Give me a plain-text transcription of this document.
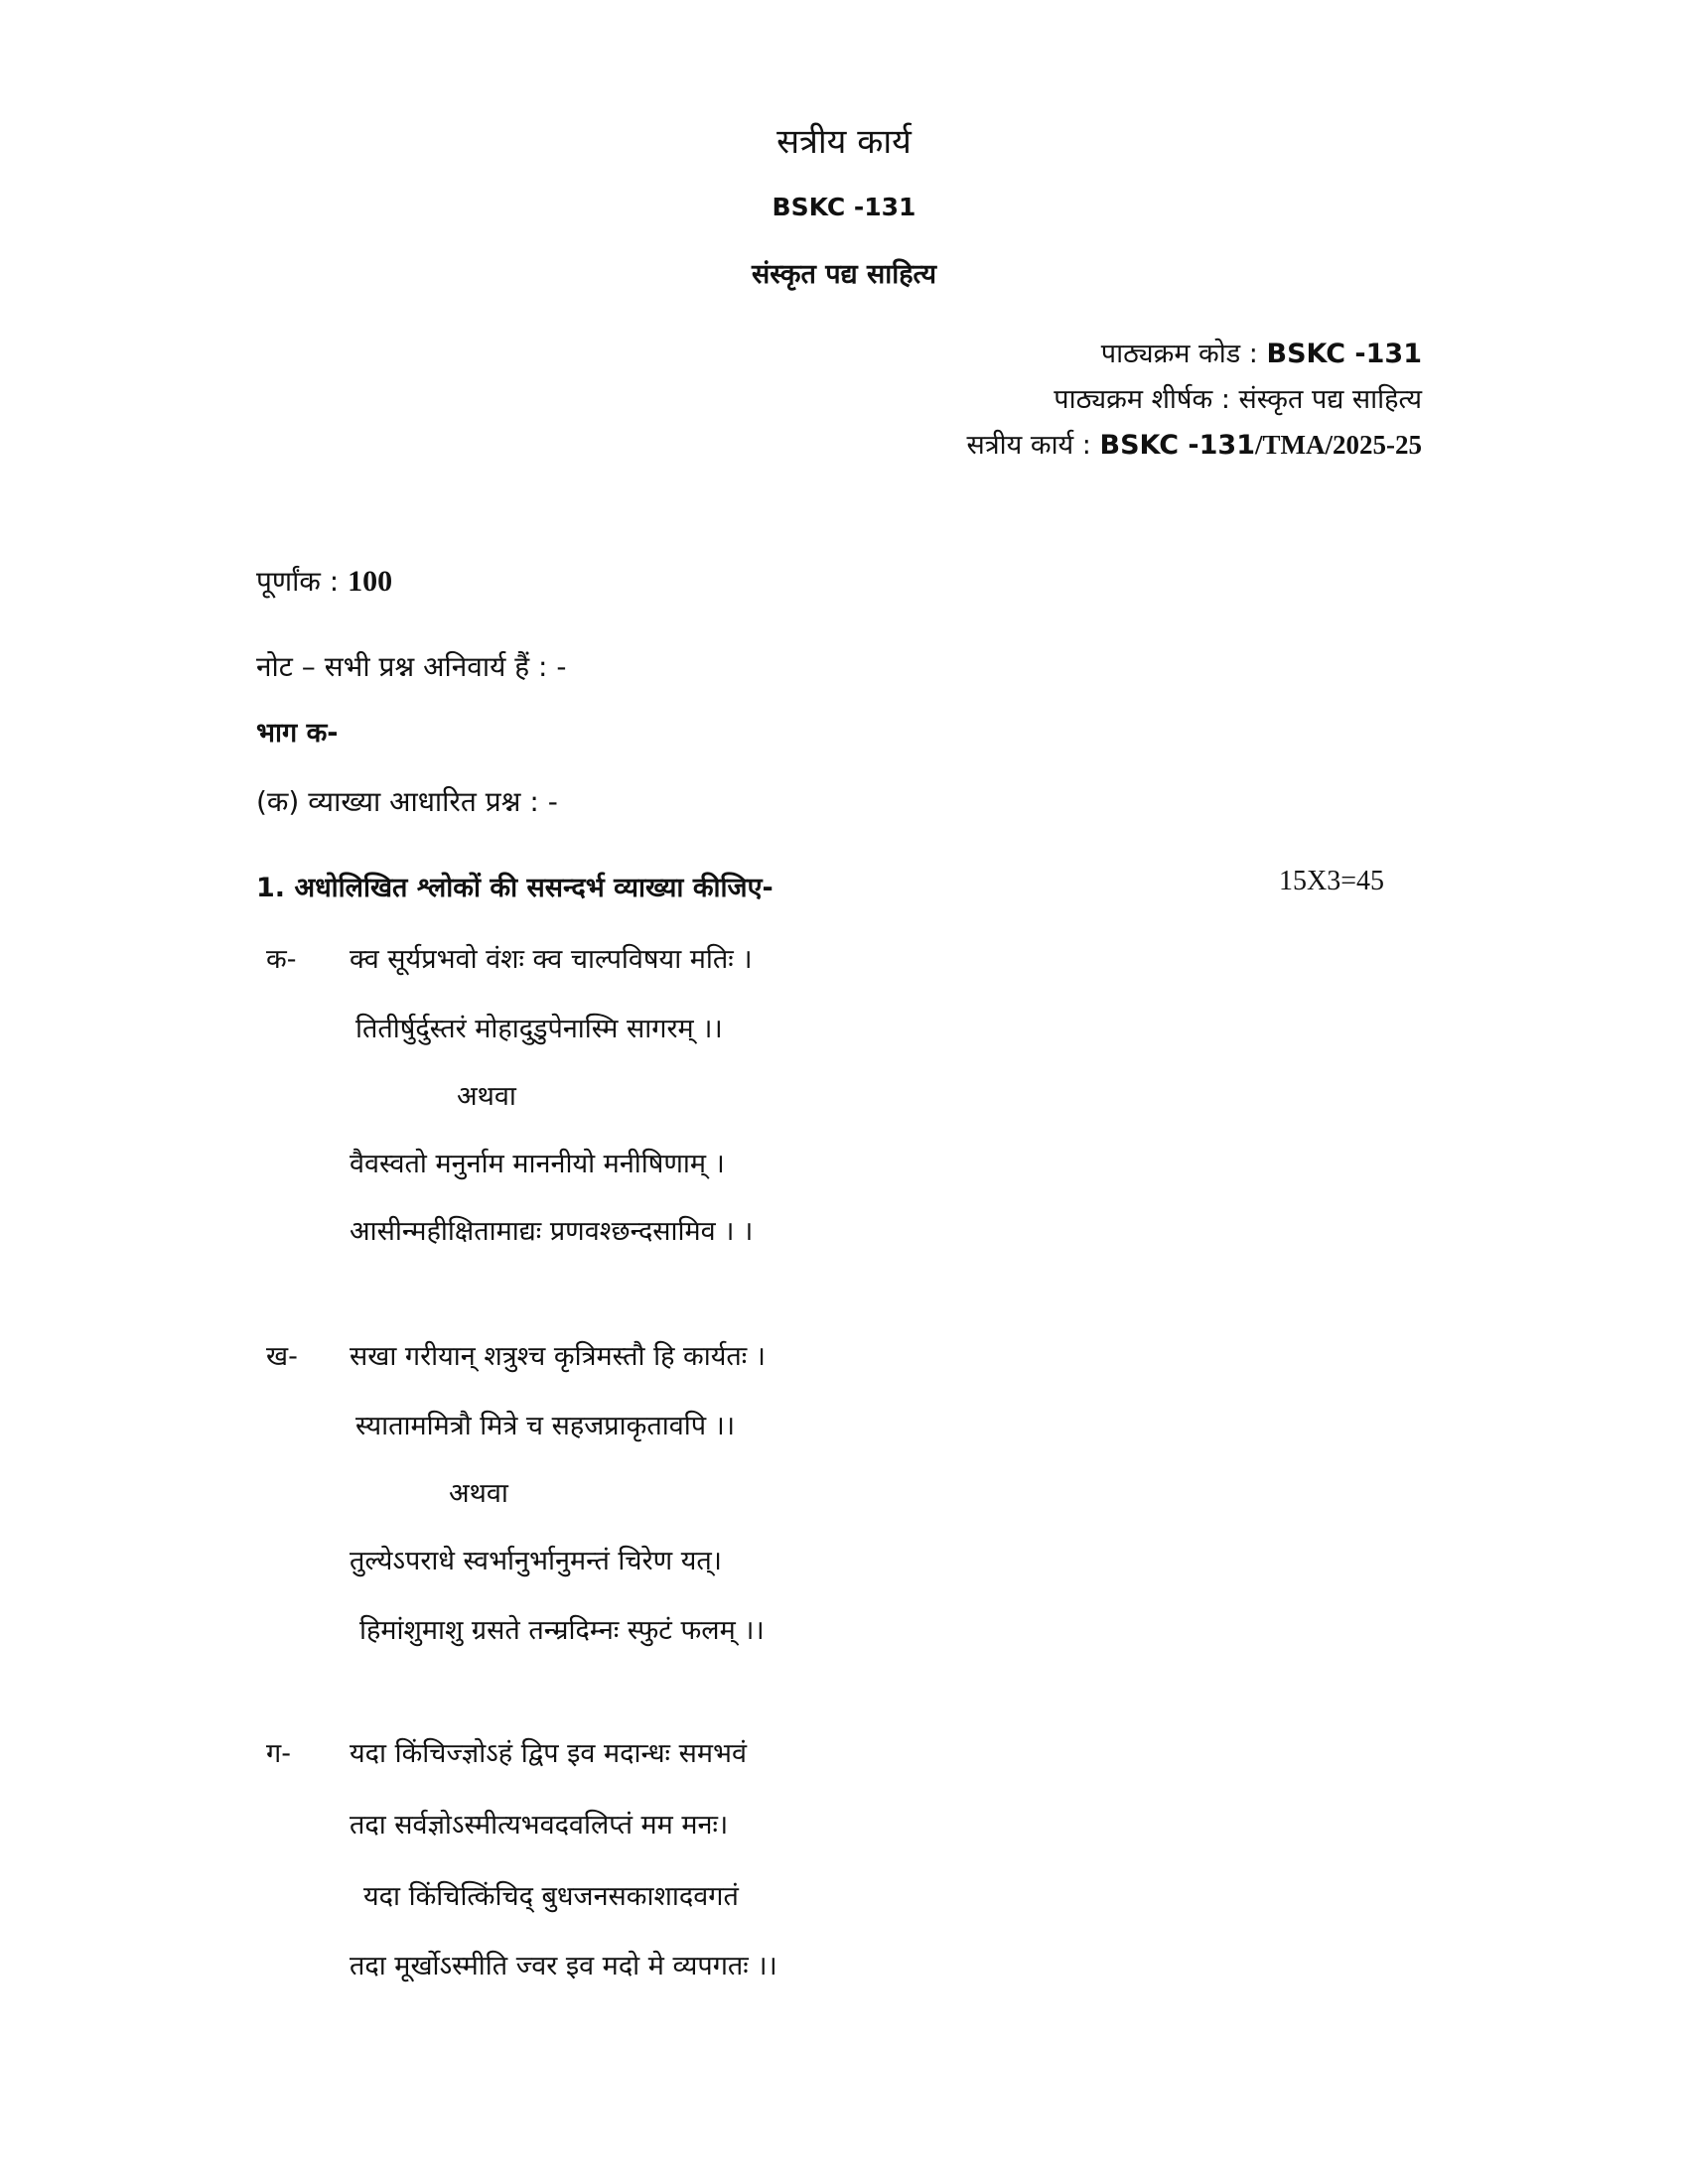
सत्रीय कार्य
BSKC -131
संस्कृत पद्य साहित्य
पाठ्यक्रम कोड : BSKC -131
पाठ्यक्रम शीर्षक : संस्कृत पद्य साहित्य
सत्रीय कार्य : BSKC -131/TMA/2025-25
पूर्णांक : 100
नोट – सभी प्रश्न अनिवार्य हैं : -
भाग क-
(क) व्याख्या आधारित प्रश्न : -
1. अधोलिखित श्लोकों की ससन्दर्भ व्याख्या कीजिए-	15X3=45
क- क्व सूर्यप्रभवो वंशः क्व चाल्पविषया मतिः ।
तितीर्षुर्दुस्तरं मोहादुडुपेनास्मि सागरम् ।।
अथवा
वैवस्वतो मनुर्नाम माननीयो मनीषिणाम् ।
आसीन्महीक्षितामाद्यः प्रणवश्छन्दसामिव । ।
ख- सखा गरीयान् शत्रुश्च कृत्रिमस्तौ हि कार्यतः ।
स्याताममित्रौ मित्रे च सहजप्राकृतावपि ।।
अथवा
तुल्येऽपराधे स्वर्भानुर्भानुमन्तं चिरेण यत्।
हिमांशुमाशु ग्रसते तन्म्रदिम्नः स्फुटं फलम् ।।
ग- यदा किंचिज्ज्ञोऽहं द्विप इव मदान्धः समभवं
तदा सर्वज्ञोऽस्मीत्यभवदवलिप्तं मम मनः।
यदा किंचित्किंचिद् बुधजनसकाशादवगतं
तदा मूर्खोऽस्मीति ज्वर इव मदो मे व्यपगतः ।।
